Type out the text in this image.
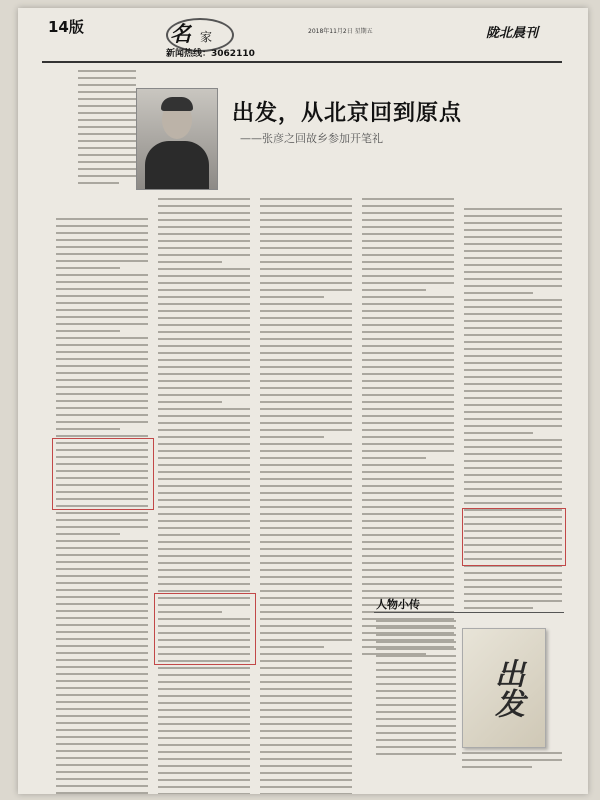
14版	名 家
新闻热线：3062110
2018年11月2日 星期五	陇北晨刊
出发，从北京回到原点
——张彦之回故乡参加开笔礼
人物小传
出发
